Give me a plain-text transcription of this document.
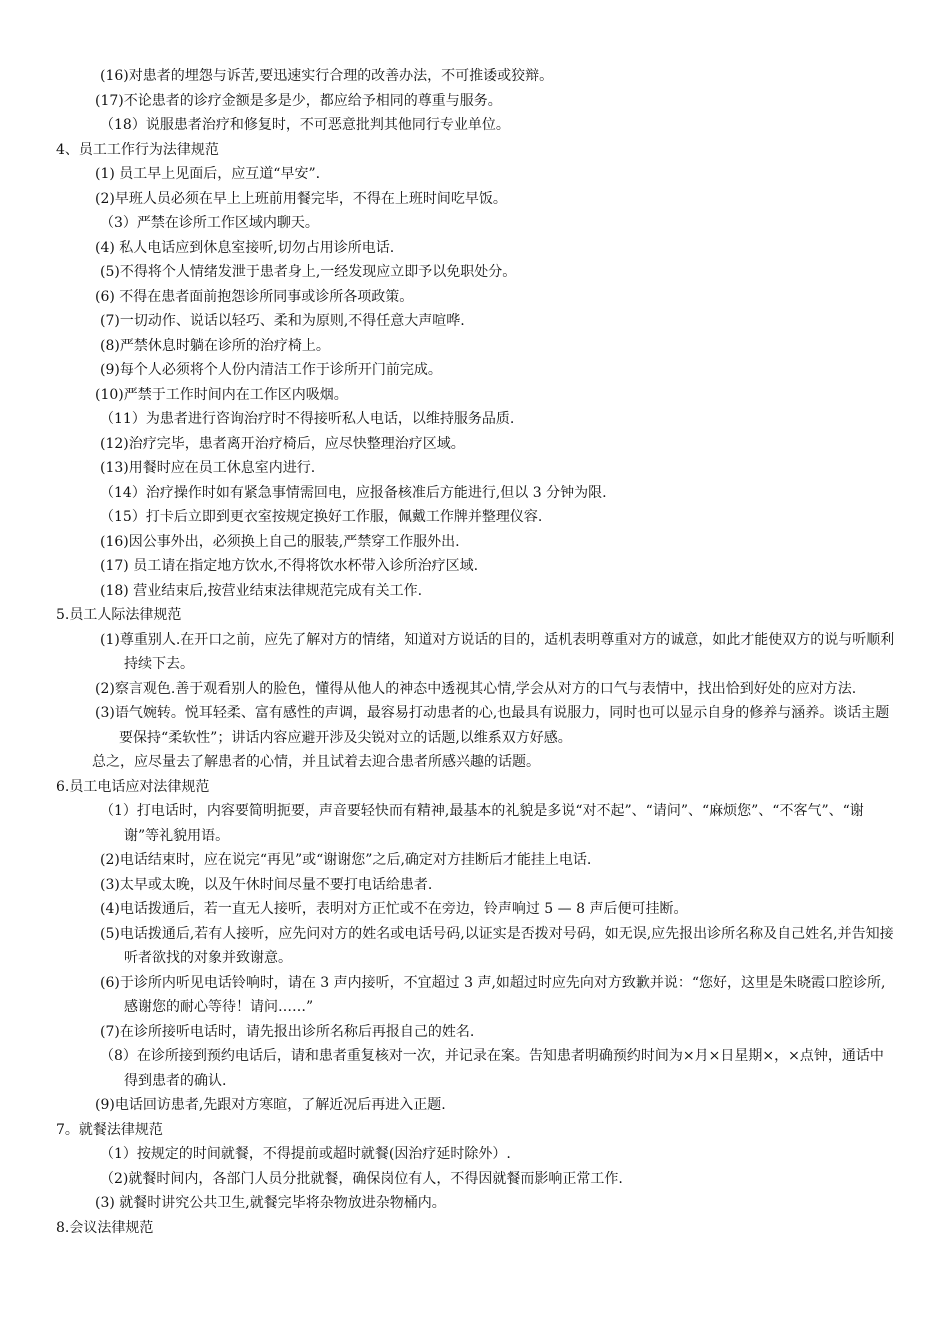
(16)对患者的埋怨与诉苦,要迅速实行合理的改善办法，不可推诿或狡辩。

(17)不论患者的诊疗金额是多是少，都应给予相同的尊重与服务。

（18）说服患者治疗和修复时，不可恶意批判其他同行专业单位。

4、员工工作行为法律规范

(1) 员工早上见面后，应互道“早安”.

(2)早班人员必须在早上上班前用餐完毕，不得在上班时间吃早饭。

（3）严禁在诊所工作区域内聊天。

(4) 私人电话应到休息室接听,切勿占用诊所电话.

(5)不得将个人情绪发泄于患者身上,一经发现应立即予以免职处分。

(6) 不得在患者面前抱怨诊所同事或诊所各项政策。

(7)一切动作、说话以轻巧、柔和为原则,不得任意大声喧哗.

(8)严禁休息时躺在诊所的治疗椅上。

(9)每个人必须将个人份内清洁工作于诊所开门前完成。

(10)严禁于工作时间内在工作区内吸烟。

（11）为患者进行咨询治疗时不得接听私人电话，以维持服务品质.

(12)治疗完毕，患者离开治疗椅后，应尽快整理治疗区域。

(13)用餐时应在员工休息室内进行.

（14）治疗操作时如有紧急事情需回电，应报备核准后方能进行,但以 3 分钟为限.

（15）打卡后立即到更衣室按规定换好工作服，佩戴工作牌并整理仪容.

(16)因公事外出，必须换上自己的服装,严禁穿工作服外出.

(17) 员工请在指定地方饮水,不得将饮水杯带入诊所治疗区域.

(18) 营业结束后,按营业结束法律规范完成有关工作.

5.员工人际法律规范

(1)尊重别人.在开口之前，应先了解对方的情绪，知道对方说话的目的，适机表明尊重对方的诚意，如此才能使双方的说与听顺利持续下去。

(2)察言观色.善于观看别人的脸色，懂得从他人的神态中透视其心情,学会从对方的口气与表情中，找出恰到好处的应对方法.

(3)语气婉转。悦耳轻柔、富有感性的声调，最容易打动患者的心,也最具有说服力，同时也可以显示自身的修养与涵养。谈话主题要保持“柔软性”；讲话内容应避开涉及尖锐对立的话题,以维系双方好感。

总之，应尽量去了解患者的心情，并且试着去迎合患者所感兴趣的话题。

6.员工电话应对法律规范

（1）打电话时，内容要简明扼要，声音要轻快而有精神,最基本的礼貌是多说“对不起”、“请问”、“麻烦您”、“不客气”、“谢谢”等礼貌用语。

(2)电话结束时，应在说完“再见”或“谢谢您”之后,确定对方挂断后才能挂上电话.

(3)太早或太晚，以及午休时间尽量不要打电话给患者.

(4)电话拨通后，若一直无人接听，表明对方正忙或不在旁边，铃声响过 5 — 8 声后便可挂断。

(5)电话拨通后,若有人接听，应先问对方的姓名或电话号码,以证实是否拨对号码，如无误,应先报出诊所名称及自己姓名,并告知接听者欲找的对象并致谢意。

(6)于诊所内听见电话铃响时，请在 3 声内接听，不宜超过 3 声,如超过时应先向对方致歉并说：“您好，这里是朱晓霞口腔诊所,感谢您的耐心等待！请问……”

(7)在诊所接听电话时，请先报出诊所名称后再报自己的姓名.

（8）在诊所接到预约电话后，请和患者重复核对一次，并记录在案。告知患者明确预约时间为×月×日星期×，×点钟，通话中得到患者的确认.

(9)电话回访患者,先跟对方寒暄，了解近况后再进入正题.

7。就餐法律规范

（1）按规定的时间就餐，不得提前或超时就餐(因治疗延时除外）.

（2)就餐时间内，各部门人员分批就餐，确保岗位有人，不得因就餐而影响正常工作.

(3) 就餐时讲究公共卫生,就餐完毕将杂物放进杂物桶内。

8.会议法律规范
